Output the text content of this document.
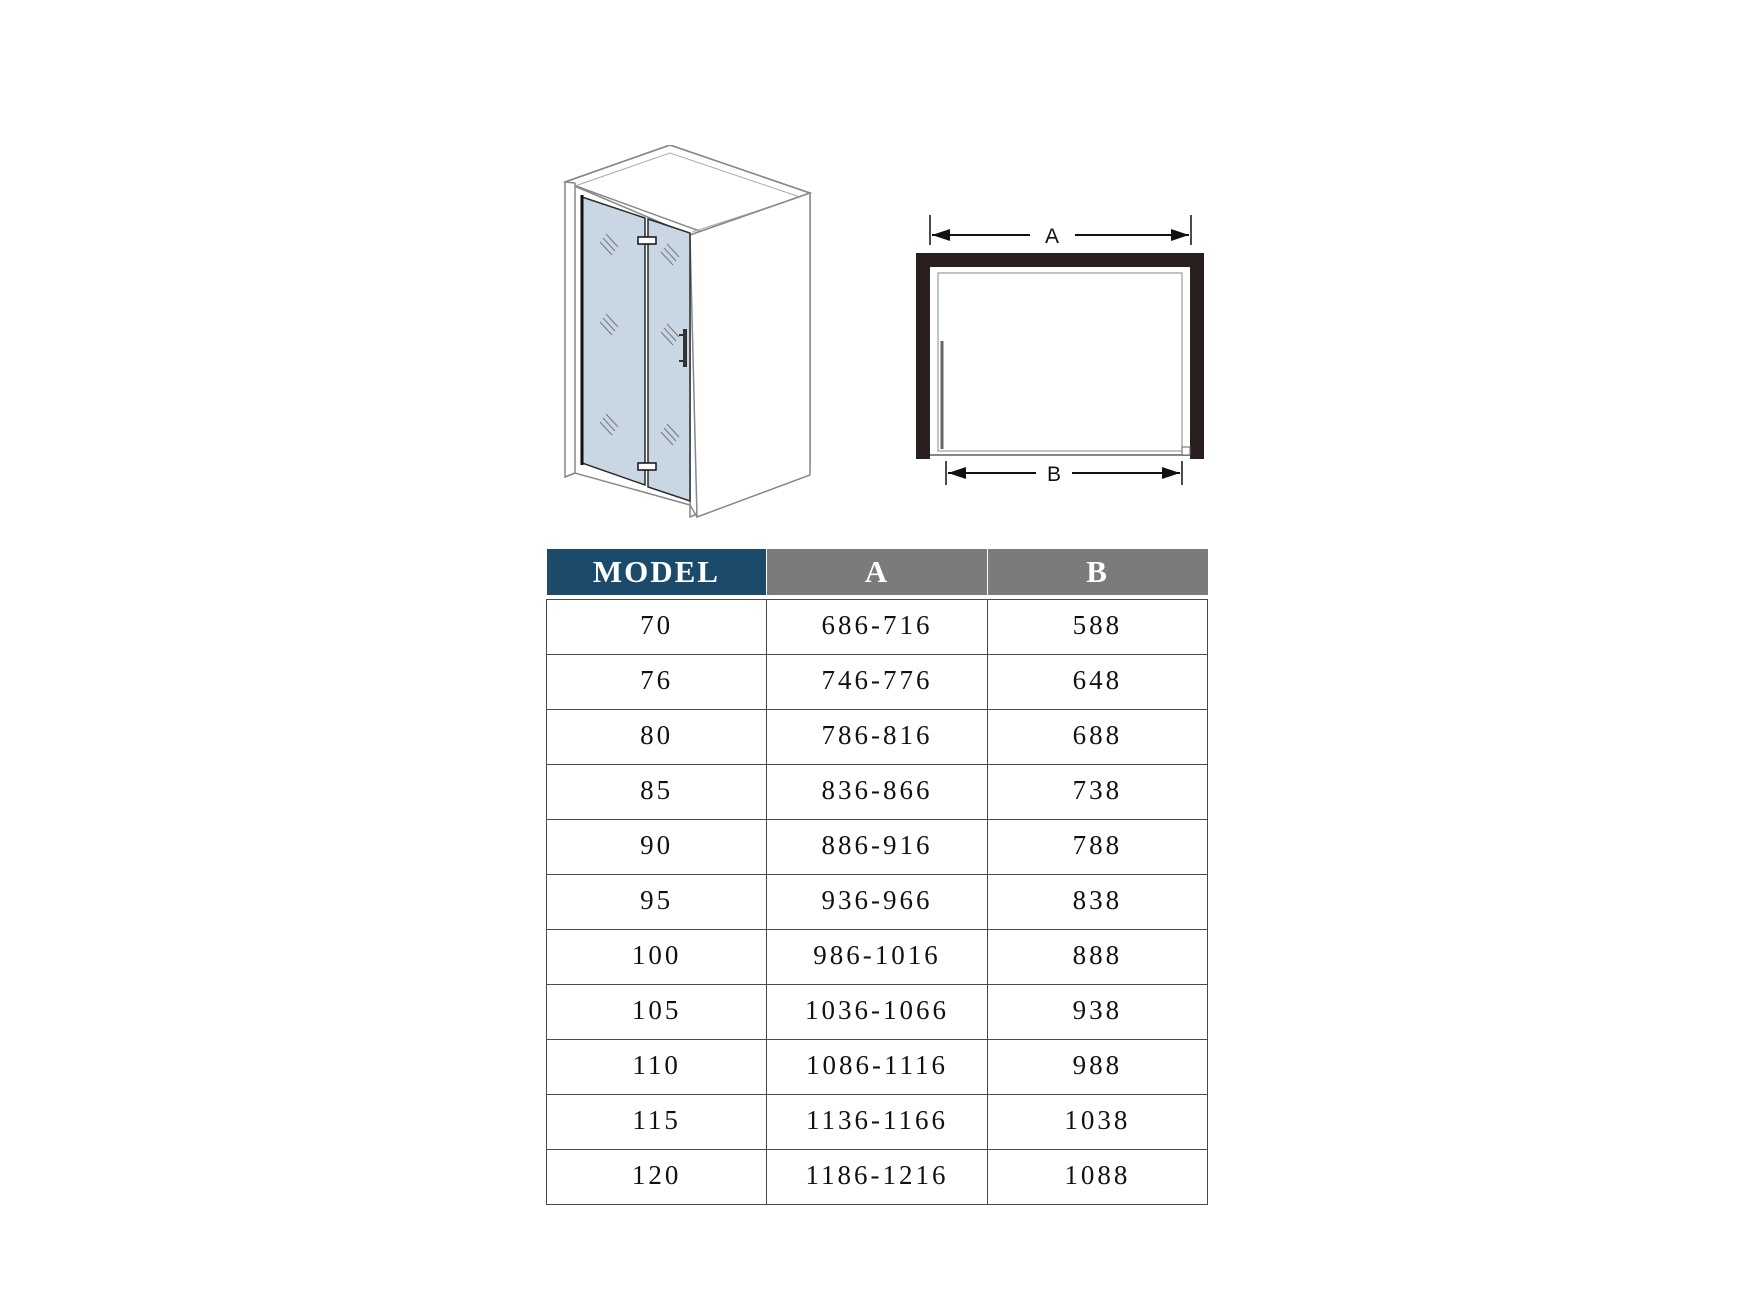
A
B
MODEL	A	B

70	686-716	588
76	746-776	648
80	786-816	688
85	836-866	738
90	886-916	788
95	936-966	838
100	986-1016	888
105	1036-1066	938
110	1086-1116	988
115	1136-1166	1038
120	1186-1216	1088
